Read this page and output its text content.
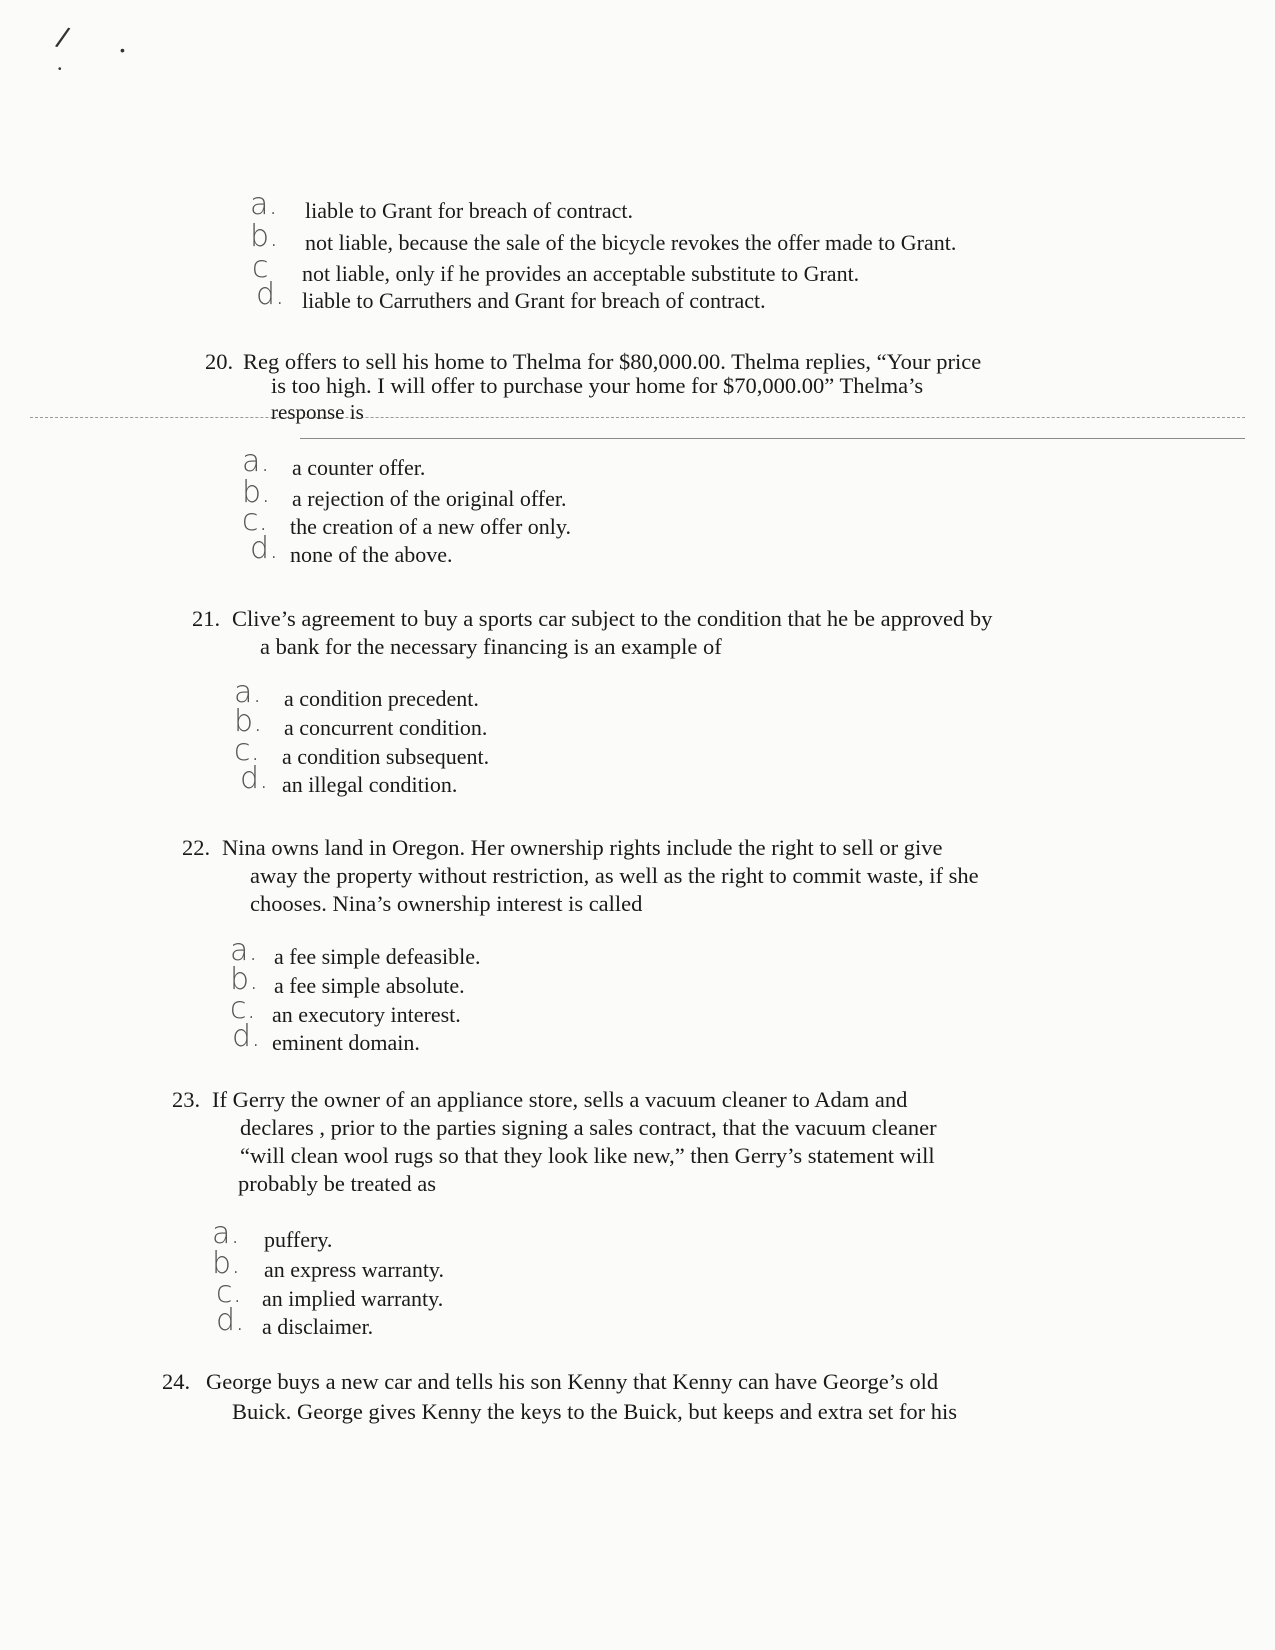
/	•
•
a. liable to Grant for breach of contract.
b. not liable, because the sale of the bicycle revokes the offer made to Grant.
c not liable, only if he provides an acceptable substitute to Grant.
d. liable to Carruthers and Grant for breach of contract.
20. Reg offers to sell his home to Thelma for $80,000.00. Thelma replies, “Your price
is too high. I will offer to purchase your home for $70,000.00” Thelma’s
response is
a. a counter offer.
b. a rejection of the original offer.
c. the creation of a new offer only.
d. none of the above.
21. Clive’s agreement to buy a sports car subject to the condition that he be approved by
a bank for the necessary financing is an example of
a. a condition precedent.
b. a concurrent condition.
c. a condition subsequent.
d. an illegal condition.
22. Nina owns land in Oregon. Her ownership rights include the right to sell or give
away the property without restriction, as well as the right to commit waste, if she
chooses. Nina’s ownership interest is called
a. a fee simple defeasible.
b. a fee simple absolute.
c. an executory interest.
d. eminent domain.
23. If Gerry the owner of an appliance store, sells a vacuum cleaner to Adam and
declares , prior to the parties signing a sales contract, that the vacuum cleaner
“will clean wool rugs so that they look like new,” then Gerry’s statement will
probably be treated as
a. puffery.
b. an express warranty.
c. an implied warranty.
d. a disclaimer.
24. George buys a new car and tells his son Kenny that Kenny can have George’s old
Buick. George gives Kenny the keys to the Buick, but keeps and extra set for his
